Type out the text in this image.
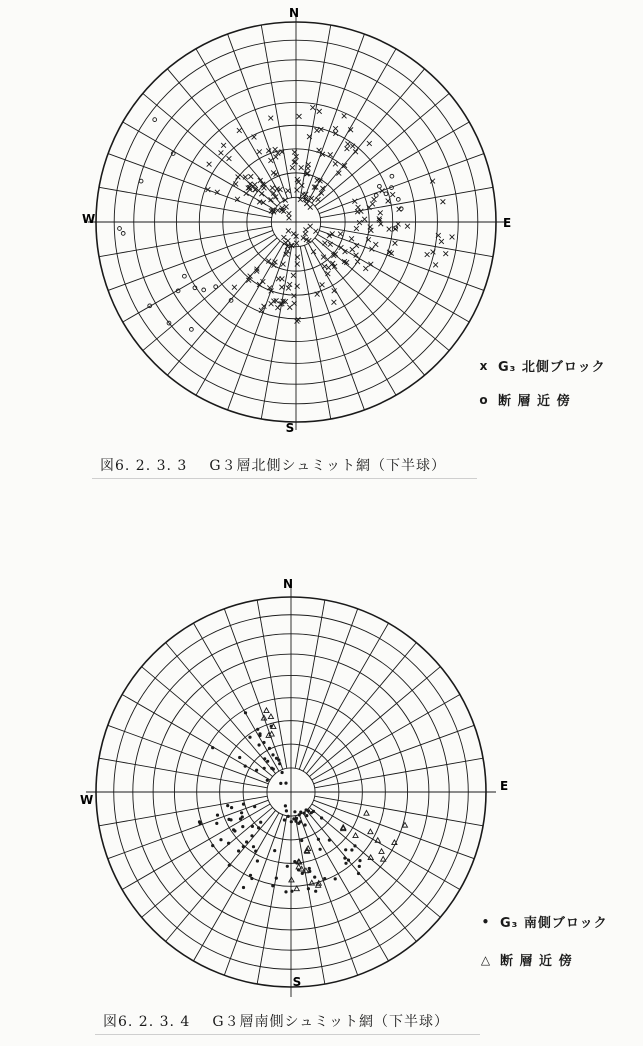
N
E
S
W
x G₃ 北側ブロック
o 断 層 近 傍
図6. 2. 3. 3 G３層北側シュミット網（下半球）
N
E
S
W
• G₃ 南側ブロック
△ 断 層 近 傍
図6. 2. 3. 4 G３層南側シュミット網（下半球）
